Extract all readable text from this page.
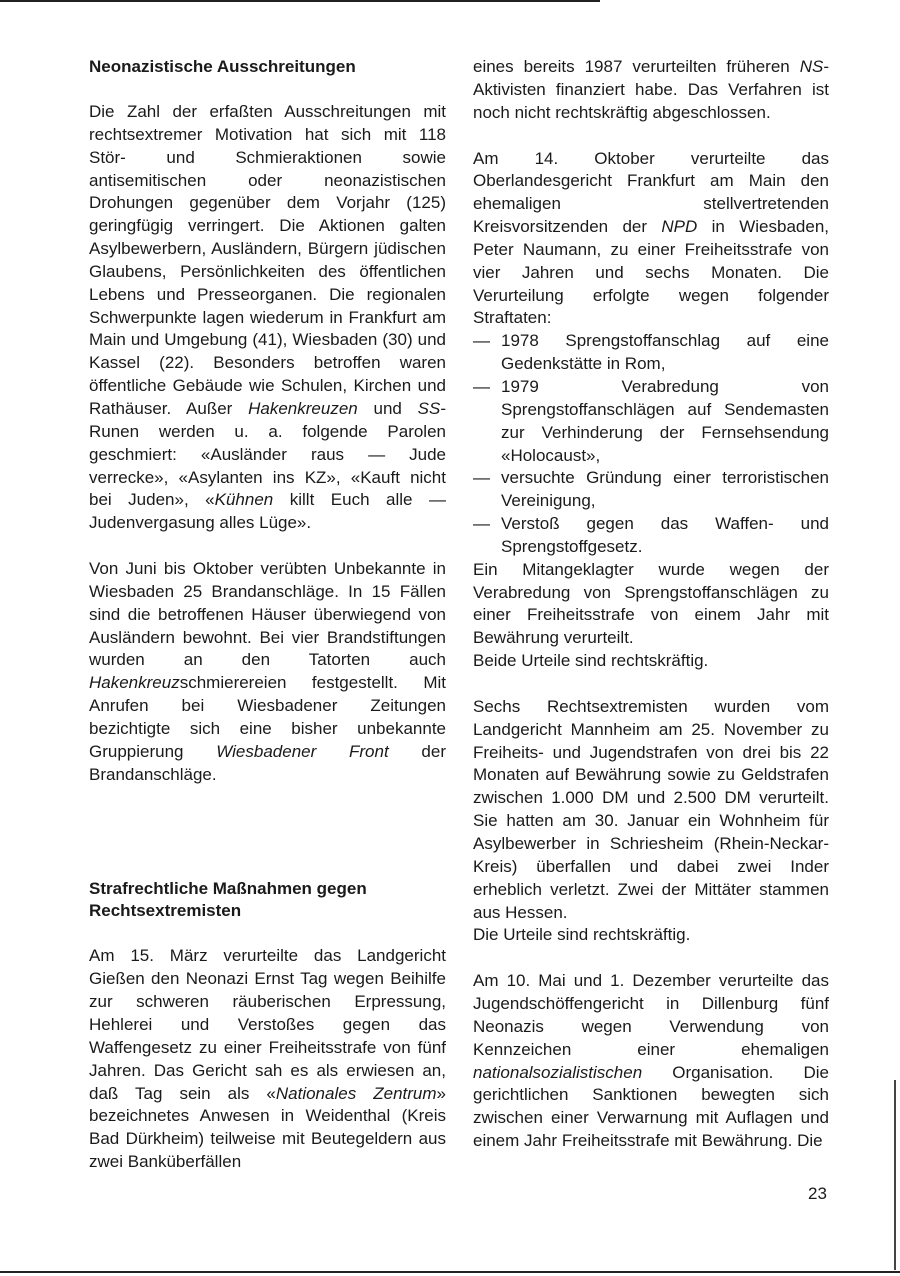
Neonazistische Ausschreitungen

Die Zahl der erfaßten Ausschreitungen mit rechtsextremer Motivation hat sich mit 118 Stör- und Schmieraktionen sowie antisemitischen oder neonazistischen Drohungen gegenüber dem Vorjahr (125) geringfügig verringert. Die Aktionen galten Asylbewerbern, Ausländern, Bürgern jüdischen Glaubens, Persönlichkeiten des öffentlichen Lebens und Presseorganen. Die regionalen Schwerpunkte lagen wiederum in Frankfurt am Main und Umgebung (41), Wiesbaden (30) und Kassel (22). Besonders betroffen waren öffentliche Gebäude wie Schulen, Kirchen und Rathäuser. Außer Hakenkreuzen und SS-Runen werden u. a. folgende Parolen geschmiert: «Ausländer raus — Jude verrecke», «Asylanten ins KZ», «Kauft nicht bei Juden», «Kühnen killt Euch alle — Judenvergasung alles Lüge».

Von Juni bis Oktober verübten Unbekannte in Wiesbaden 25 Brandanschläge. In 15 Fällen sind die betroffenen Häuser überwiegend von Ausländern bewohnt. Bei vier Brandstiftungen wurden an den Tatorten auch Hakenkreuzschmierereien festgestellt. Mit Anrufen bei Wiesbadener Zeitungen bezichtigte sich eine bisher unbekannte Gruppierung Wiesbadener Front der Brandanschläge.

Strafrechtliche Maßnahmen gegen
Rechtsextremisten

Am 15. März verurteilte das Landgericht Gießen den Neonazi Ernst Tag wegen Beihilfe zur schweren räuberischen Erpressung, Hehlerei und Verstoßes gegen das Waffengesetz zu einer Freiheitsstrafe von fünf Jahren. Das Gericht sah es als erwiesen an, daß Tag sein als «Nationales Zentrum» bezeichnetes Anwesen in Weidenthal (Kreis Bad Dürkheim) teilweise mit Beutegeldern aus zwei Banküberfällen

eines bereits 1987 verurteilten früheren NS-Aktivisten finanziert habe. Das Verfahren ist noch nicht rechtskräftig abgeschlossen.

Am 14. Oktober verurteilte das Oberlandesgericht Frankfurt am Main den ehemaligen stellvertretenden Kreisvorsitzenden der NPD in Wiesbaden, Peter Naumann, zu einer Freiheitsstrafe von vier Jahren und sechs Monaten. Die Verurteilung erfolgte wegen folgender Straftaten:

— 1978 Sprengstoffanschlag auf eine Gedenkstätte in Rom,
— 1979 Verabredung von Sprengstoffanschlägen auf Sendemasten zur Verhinderung der Fernsehsendung «Holocaust»,
— versuchte Gründung einer terroristischen Vereinigung,
— Verstoß gegen das Waffen- und Sprengstoffgesetz.

Ein Mitangeklagter wurde wegen der Verabredung von Sprengstoffanschlägen zu einer Freiheitsstrafe von einem Jahr mit Bewährung verurteilt.

Beide Urteile sind rechtskräftig.

Sechs Rechtsextremisten wurden vom Landgericht Mannheim am 25. November zu Freiheits- und Jugendstrafen von drei bis 22 Monaten auf Bewährung sowie zu Geldstrafen zwischen 1.000 DM und 2.500 DM verurteilt. Sie hatten am 30. Januar ein Wohnheim für Asylbewerber in Schriesheim (Rhein-Neckar-Kreis) überfallen und dabei zwei Inder erheblich verletzt. Zwei der Mittäter stammen aus Hessen.

Die Urteile sind rechtskräftig.

Am 10. Mai und 1. Dezember verurteilte das Jugendschöffengericht in Dillenburg fünf Neonazis wegen Verwendung von Kennzeichen einer ehemaligen nationalsozialistischen Organisation. Die gerichtlichen Sanktionen bewegten sich zwischen einer Verwarnung mit Auflagen und einem Jahr Freiheitsstrafe mit Bewährung. Die

23
